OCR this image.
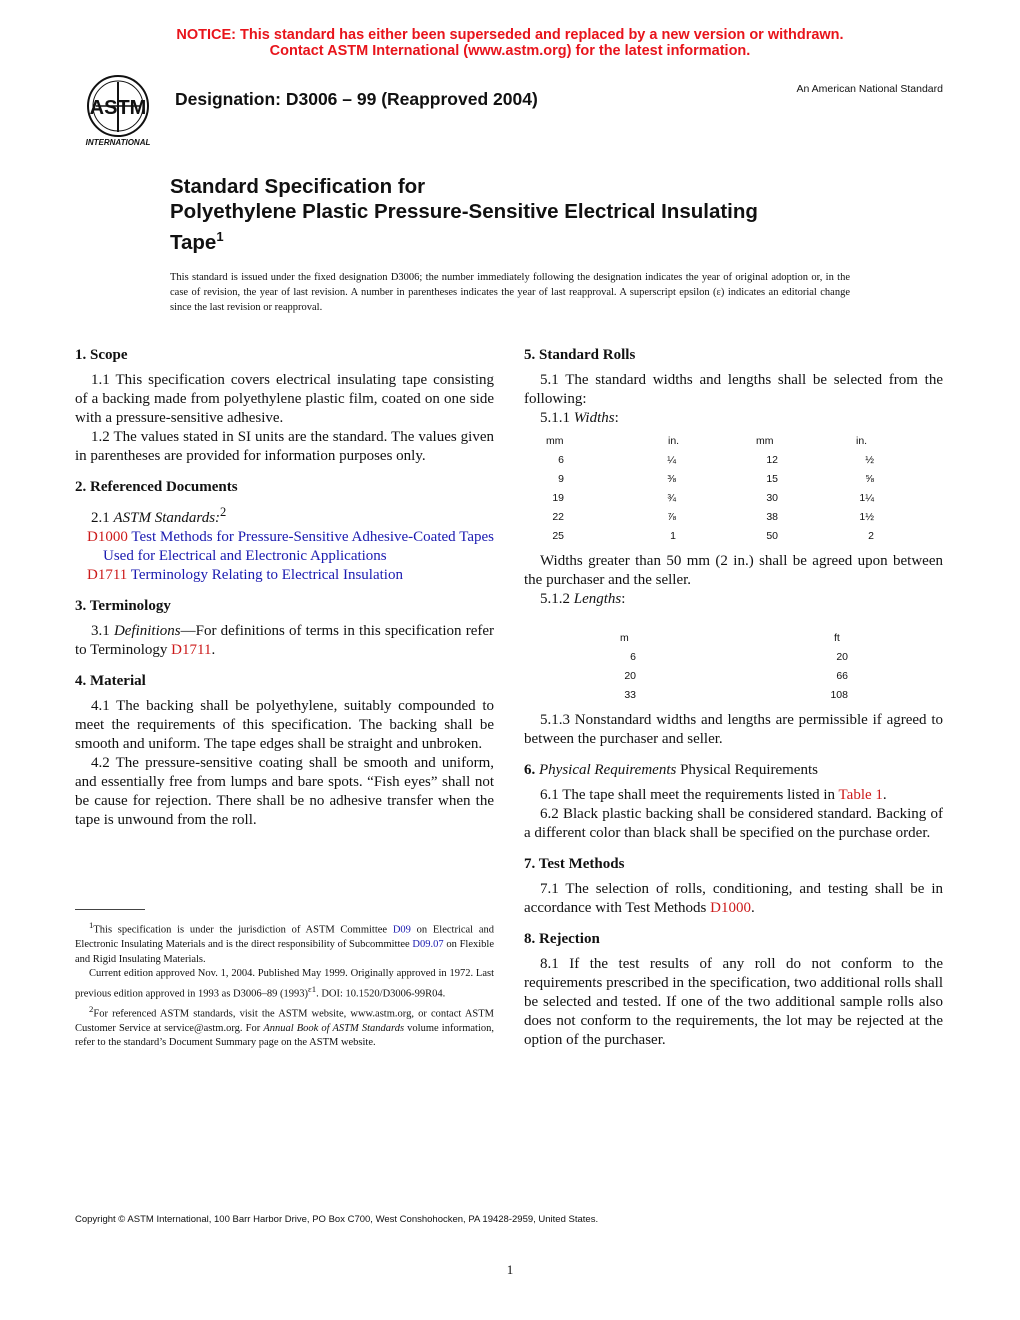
NOTICE: This standard has either been superseded and replaced by a new version or withdrawn.
Contact ASTM International (www.astm.org) for the latest information.
ASTM
INTERNATIONAL
Designation: D3006 – 99 (Reapproved 2004)	An American National Standard
Standard Specification for
Polyethylene Plastic Pressure-Sensitive Electrical Insulating
Tape$^1$
This standard is issued under the fixed designation D3006; the number immediately following the designation indicates the year of original adoption or, in the case of revision, the year of last revision. A number in parentheses indicates the year of last reapproval. A superscript epsilon (ε) indicates an editorial change since the last revision or reapproval.
1. Scope

1.1 This specification covers electrical insulating tape consisting of a backing made from polyethylene plastic film, coated on one side with a pressure-sensitive adhesive.

1.2 The values stated in SI units are the standard. The values given in parentheses are provided for information purposes only.

2. Referenced Documents

2.1 ASTM Standards:$^2$

D1000 Test Methods for Pressure-Sensitive Adhesive-Coated Tapes Used for Electrical and Electronic Applications
D1711 Terminology Relating to Electrical Insulation
3. Terminology

3.1 Definitions—For definitions of terms in this specification refer to Terminology D1711.

4. Material

4.1 The backing shall be polyethylene, suitably compounded to meet the requirements of this specification. The backing shall be smooth and uniform. The tape edges shall be straight and unbroken.

4.2 The pressure-sensitive coating shall be smooth and uniform, and essentially free from lumps and bare spots. “Fish eyes” shall not be cause for rejection. There shall be no adhesive transfer when the tape is unwound from the roll.

$^1$This specification is under the jurisdiction of ASTM Committee D09 on Electrical and Electronic Insulating Materials and is the direct responsibility of Subcommittee D09.07 on Flexible and Rigid Insulating Materials.

Current edition approved Nov. 1, 2004. Published May 1999. Originally approved in 1972. Last previous edition approved in 1993 as D3006–89 $(1993)^{\varepsilon 1}$. DOI: 10.1520/D3006-99R04.

$^2$For referenced ASTM standards, visit the ASTM website, www.astm.org, or contact ASTM Customer Service at service@astm.org. For Annual Book of ASTM Standards volume information, refer to the standard’s Document Summary page on the ASTM website.

5. Standard Rolls

5.1 The standard widths and lengths shall be selected from the following:

5.1.1 Widths:

mm	in.	mm	in.
6	¼	12	½
9	⅜	15	⅝
19	¾	30	1¼
22	⅞	38	1½
25	1	50	2

Widths greater than 50 mm (2 in.) shall be agreed upon between the purchaser and the seller.

5.1.2 Lengths:

m	ft
6	20
20	66
33	108

5.1.3 Nonstandard widths and lengths are permissible if agreed to between the purchaser and seller.

6. Physical Requirements Physical Requirements

6.1 The tape shall meet the requirements listed in Table 1.

6.2 Black plastic backing shall be considered standard. Backing of a different color than black shall be specified on the purchase order.

7. Test Methods

7.1 The selection of rolls, conditioning, and testing shall be in accordance with Test Methods D1000.

8. Rejection

8.1 If the test results of any roll do not conform to the requirements prescribed in the specification, two additional rolls shall be selected and tested. If one of the two additional sample rolls also does not conform to the requirements, the lot may be rejected at the option of the purchaser.

Copyright © ASTM International, 100 Barr Harbor Drive, PO Box C700, West Conshohocken, PA 19428-2959, United States.
1
